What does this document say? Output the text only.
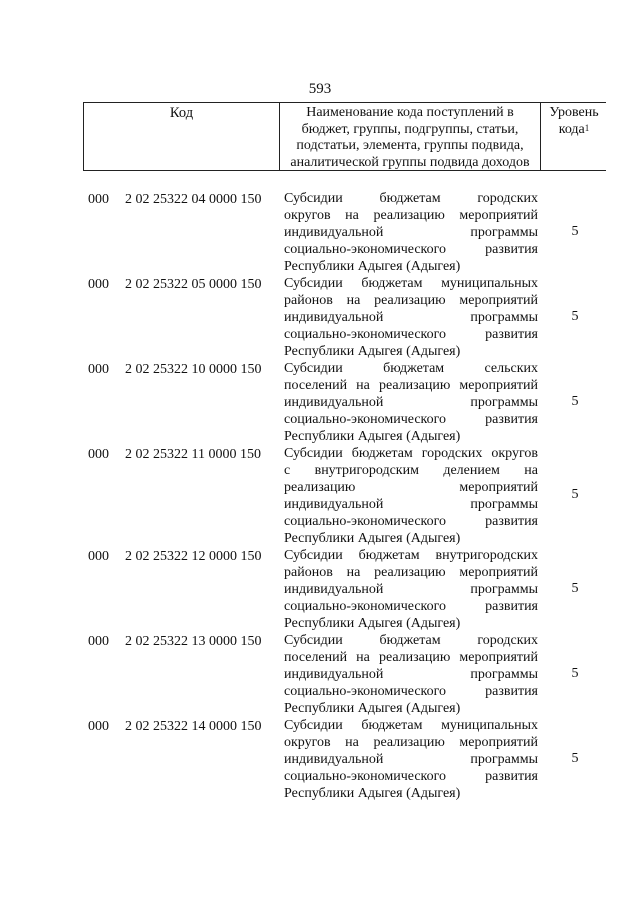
593
Код	Наименование кода поступлений в
бюджет, группы, подгруппы, статьи,
подстатьи, элемента, группы подвида,
аналитической группы подвида доходов
Уровень
кода$^1$
000	2 02 25322 04 0000 150	Субсидии бюджетам городских
округов на реализацию мероприятий
индивидуальной программы
социально-экономического развития
Республики Адыгея (Адыгея)
5
000	2 02 25322 05 0000 150	Субсидии бюджетам муниципальных
районов на реализацию мероприятий
индивидуальной программы
социально-экономического развития
Республики Адыгея (Адыгея)
5
000	2 02 25322 10 0000 150	Субсидии бюджетам сельских
поселений на реализацию мероприятий
индивидуальной программы
социально-экономического развития
Республики Адыгея (Адыгея)
5
000	2 02 25322 11 0000 150	Субсидии бюджетам городских округов
с внутригородским делением на
реализацию мероприятий
индивидуальной программы
социально-экономического развития
Республики Адыгея (Адыгея)
5
000	2 02 25322 12 0000 150	Субсидии бюджетам внутригородских
районов на реализацию мероприятий
индивидуальной программы
социально-экономического развития
Республики Адыгея (Адыгея)
5
000	2 02 25322 13 0000 150	Субсидии бюджетам городских
поселений на реализацию мероприятий
индивидуальной программы
социально-экономического развития
Республики Адыгея (Адыгея)
5
000	2 02 25322 14 0000 150	Субсидии бюджетам муниципальных
округов на реализацию мероприятий
индивидуальной программы
социально-экономического развития
Республики Адыгея (Адыгея)
5
